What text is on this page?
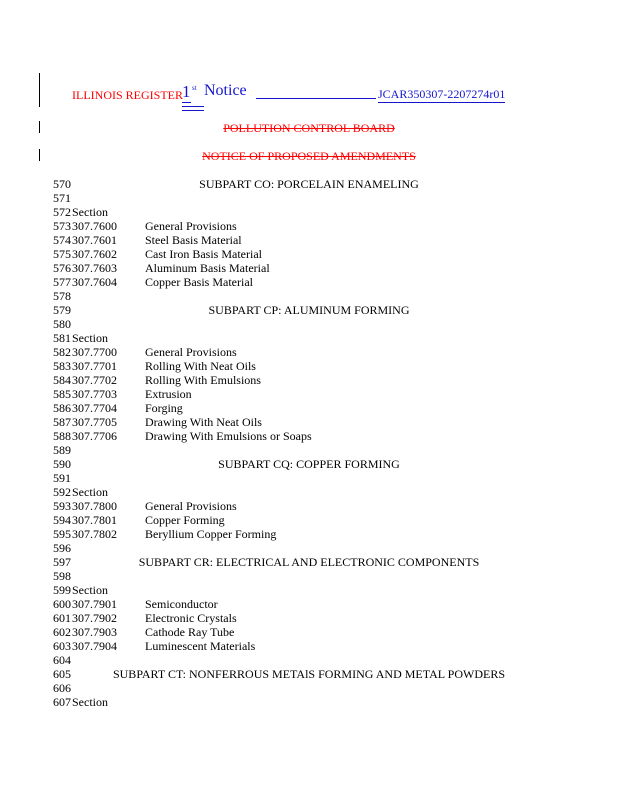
ILLINOIS REGISTER 1 st Notice	JCAR350307-2207274r01
POLLUTION CONTROL BOARD
NOTICE OF PROPOSED AMENDMENTS
570	SUBPART CO: PORCELAIN ENAMELING
571
572 Section
573 307.7600 General Provisions
574 307.7601 Steel Basis Material
575 307.7602 Cast Iron Basis Material
576 307.7603 Aluminum Basis Material
577 307.7604 Copper Basis Material
578
579	SUBPART CP: ALUMINUM FORMING
580
581 Section
582 307.7700 General Provisions
583 307.7701 Rolling With Neat Oils
584 307.7702 Rolling With Emulsions
585 307.7703 Extrusion
586 307.7704 Forging
587 307.7705 Drawing With Neat Oils
588 307.7706 Drawing With Emulsions or Soaps
589
590	SUBPART CQ: COPPER FORMING
591
592 Section
593 307.7800 General Provisions
594 307.7801 Copper Forming
595 307.7802 Beryllium Copper Forming
596
597	SUBPART CR: ELECTRICAL AND ELECTRONIC COMPONENTS
598
599 Section
600 307.7901 Semiconductor
601 307.7902 Electronic Crystals
602 307.7903 Cathode Ray Tube
603 307.7904 Luminescent Materials
604
605	SUBPART CT: NONFERROUS METAlS FORMING AND METAL POWDERS
606
607 Section
